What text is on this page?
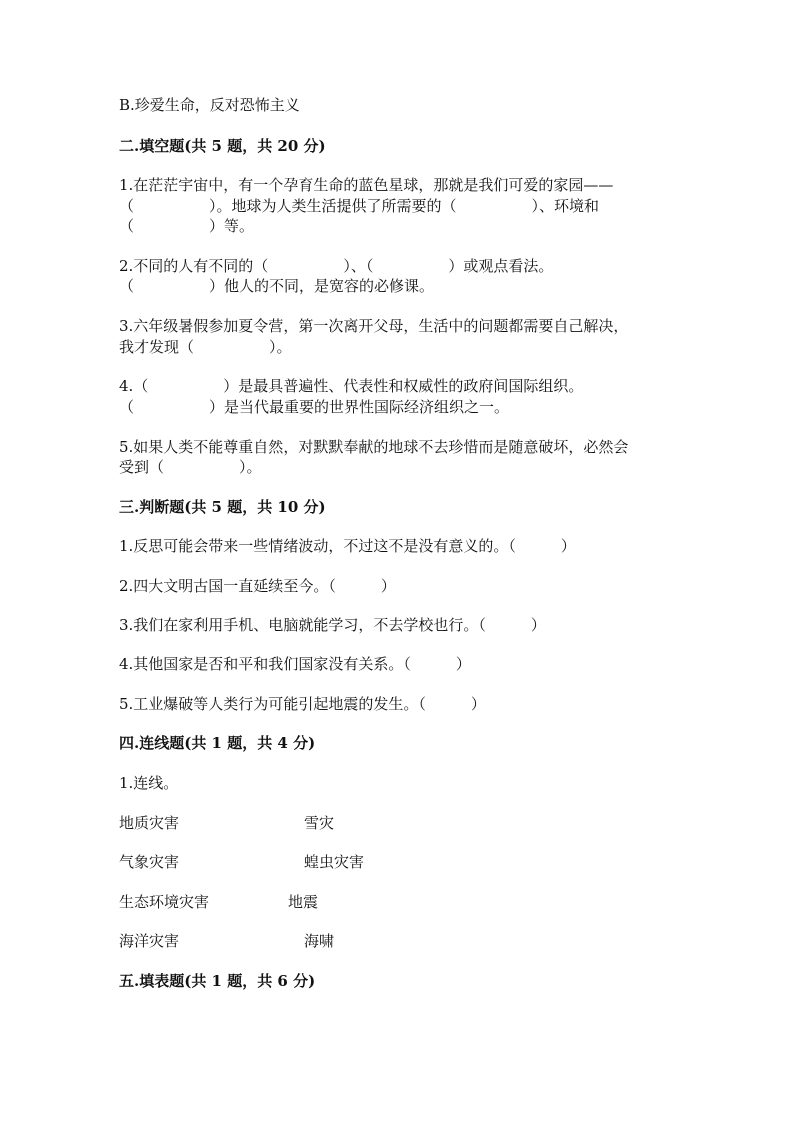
B.珍爱生命，反对恐怖主义
二.填空题(共 5 题，共 20 分)
1.在茫茫宇宙中，有一个孕育生命的蓝色星球，那就是我们可爱的家园——
（　　　　　）。地球为人类生活提供了所需要的（　　　　　）、环境和
（　　　　　）等。
2.不同的人有不同的（　　　　　）、（　　　　　）或观点看法。
（　　　　　）他人的不同，是宽容的必修课。
3.六年级暑假参加夏令营，第一次离开父母，生活中的问题都需要自己解决，
我才发现（　　　　　）。
4.（　　　　　）是最具普遍性、代表性和权威性的政府间国际组织。
（　　　　　）是当代最重要的世界性国际经济组织之一。
5.如果人类不能尊重自然，对默默奉献的地球不去珍惜而是随意破坏，必然会
受到（　　　　　）。
三.判断题(共 5 题，共 10 分)
1.反思可能会带来一些情绪波动，不过这不是没有意义的。（　　　）
2.四大文明古国一直延续至今。（　　　）
3.我们在家利用手机、电脑就能学习，不去学校也行。（　　　）
4.其他国家是否和平和我们国家没有关系。（　　　）
5.工业爆破等人类行为可能引起地震的发生。（　　　）
四.连线题(共 1 题，共 4 分)
1.连线。
地质灾害	雪灾
气象灾害	蝗虫灾害
生态环境灾害	地震
海洋灾害	海啸
五.填表题(共 1 题，共 6 分)
